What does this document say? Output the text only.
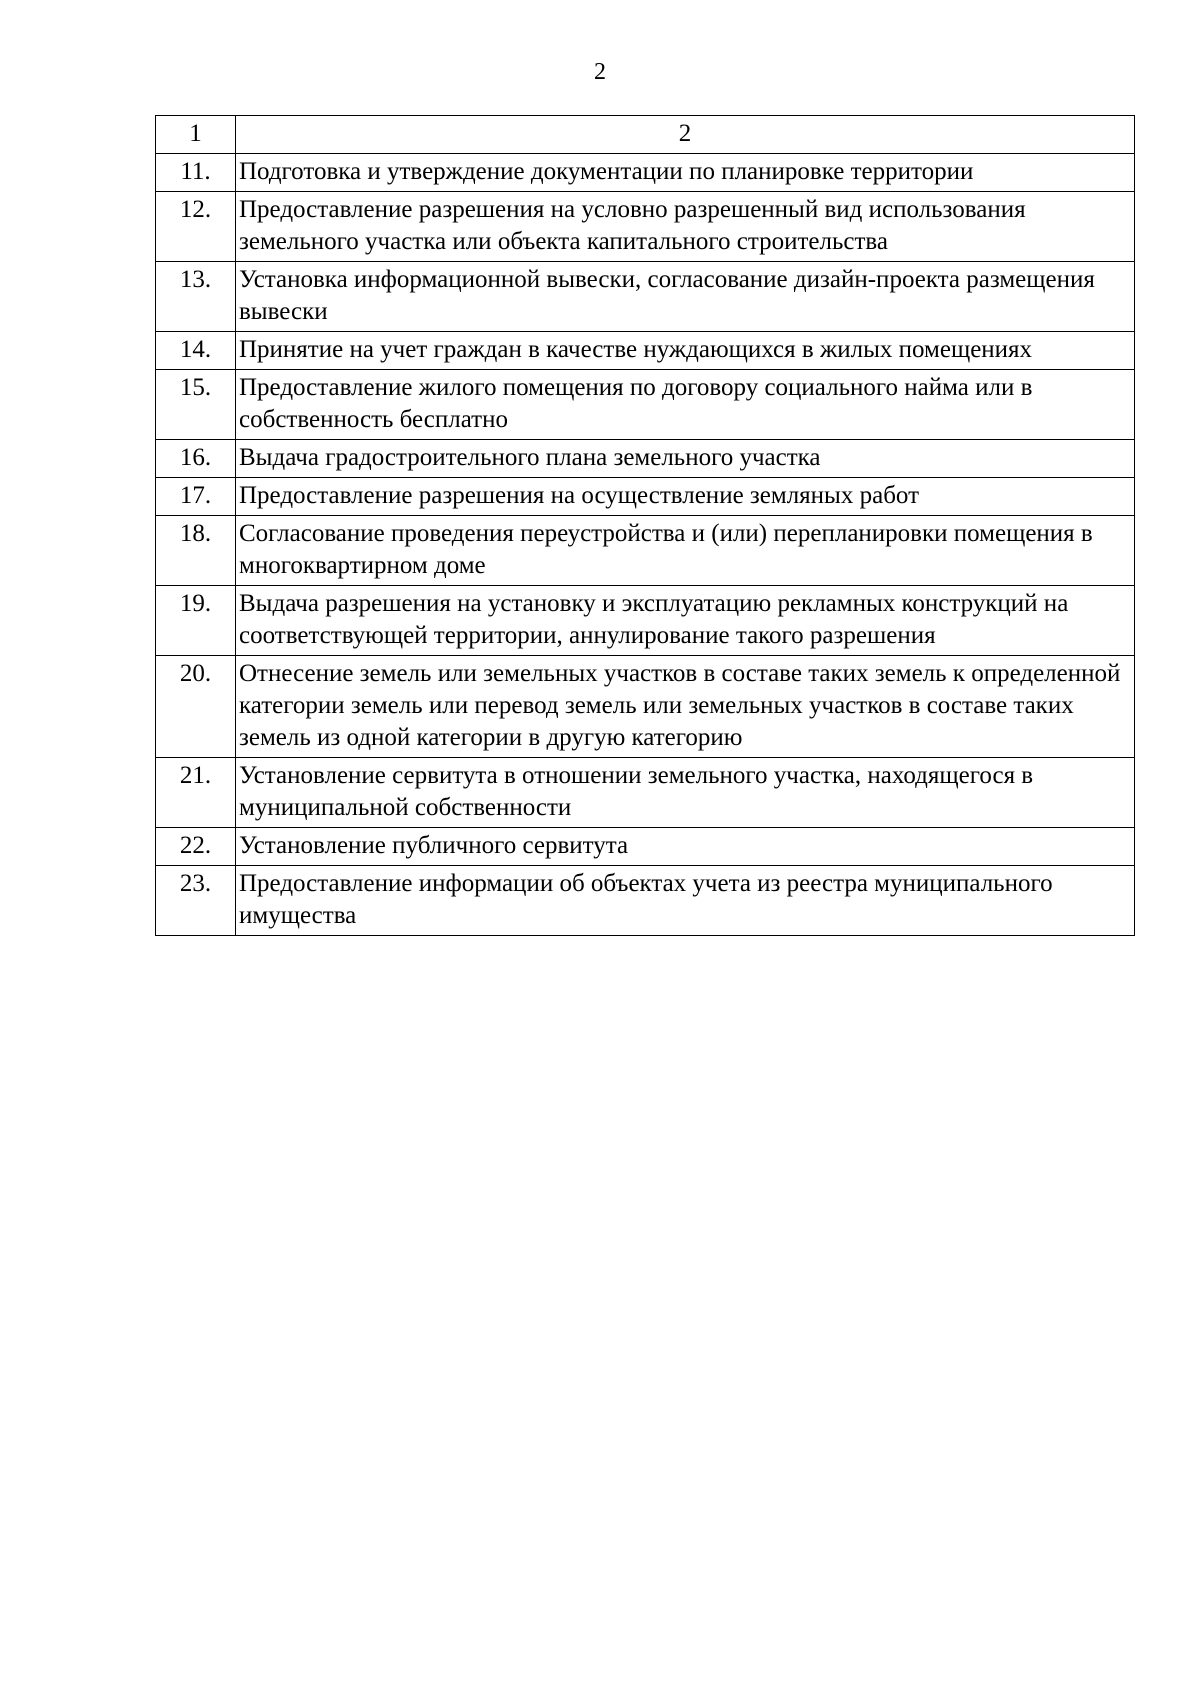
2
1	2
11.	Подготовка и утверждение документации по планировке территории
12.	Предоставление разрешения на условно разрешенный вид использования земельного участка или объекта капитального строительства
13.	Установка информационной вывески, согласование дизайн-проекта размещения вывески
14.	Принятие на учет граждан в качестве нуждающихся в жилых помещениях
15.	Предоставление жилого помещения по договору социального найма или в собственность бесплатно
16.	Выдача градостроительного плана земельного участка
17.	Предоставление разрешения на осуществление земляных работ
18.	Согласование проведения переустройства и (или) перепланировки помещения в многоквартирном доме
19.	Выдача разрешения на установку и эксплуатацию рекламных конструкций на соответствующей территории, аннулирование такого разрешения
20.	Отнесение земель или земельных участков в составе таких земель к определенной категории земель или перевод земель или земельных участков в составе таких земель из одной категории в другую категорию
21.	Установление сервитута в отношении земельного участка, находящегося в муниципальной собственности
22.	Установление публичного сервитута
23.	Предоставление информации об объектах учета из реестра муниципального имущества
